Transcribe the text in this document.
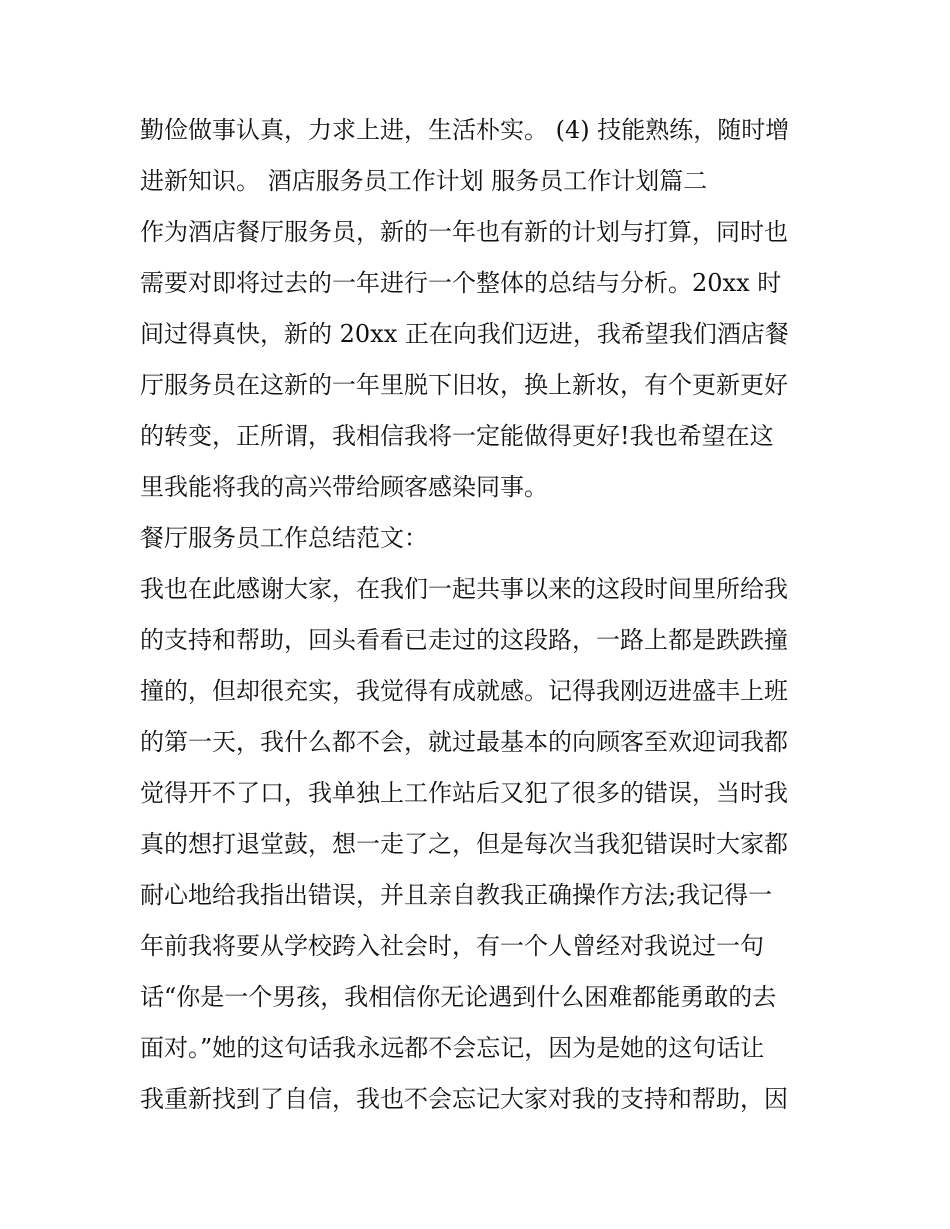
勤俭做事认真，力求上进，生活朴实。 (4) 技能熟练，随时增
进新知识。 酒店服务员工作计划 服务员工作计划篇二
作为酒店餐厅服务员，新的一年也有新的计划与打算，同时也
需要对即将过去的一年进行一个整体的总结与分析。20xx 时
间过得真快，新的 20xx 正在向我们迈进，我希望我们酒店餐
厅服务员在这新的一年里脱下旧妆，换上新妆，有个更新更好
的转变，正所谓，我相信我将一定能做得更好!我也希望在这
里我能将我的高兴带给顾客感染同事。
餐厅服务员工作总结范文：
我也在此感谢大家，在我们一起共事以来的这段时间里所给我
的支持和帮助，回头看看已走过的这段路，一路上都是跌跌撞
撞的，但却很充实，我觉得有成就感。记得我刚迈进盛丰上班
的第一天，我什么都不会，就过最基本的向顾客至欢迎词我都
觉得开不了口，我单独上工作站后又犯了很多的错误，当时我
真的想打退堂鼓，想一走了之，但是每次当我犯错误时大家都
耐心地给我指出错误，并且亲自教我正确操作方法;我记得一
年前我将要从学校跨入社会时，有一个人曾经对我说过一句
话“你是一个男孩，我相信你无论遇到什么困难都能勇敢的去
面对。”她的这句话我永远都不会忘记，因为是她的这句话让
我重新找到了自信，我也不会忘记大家对我的支持和帮助，因
